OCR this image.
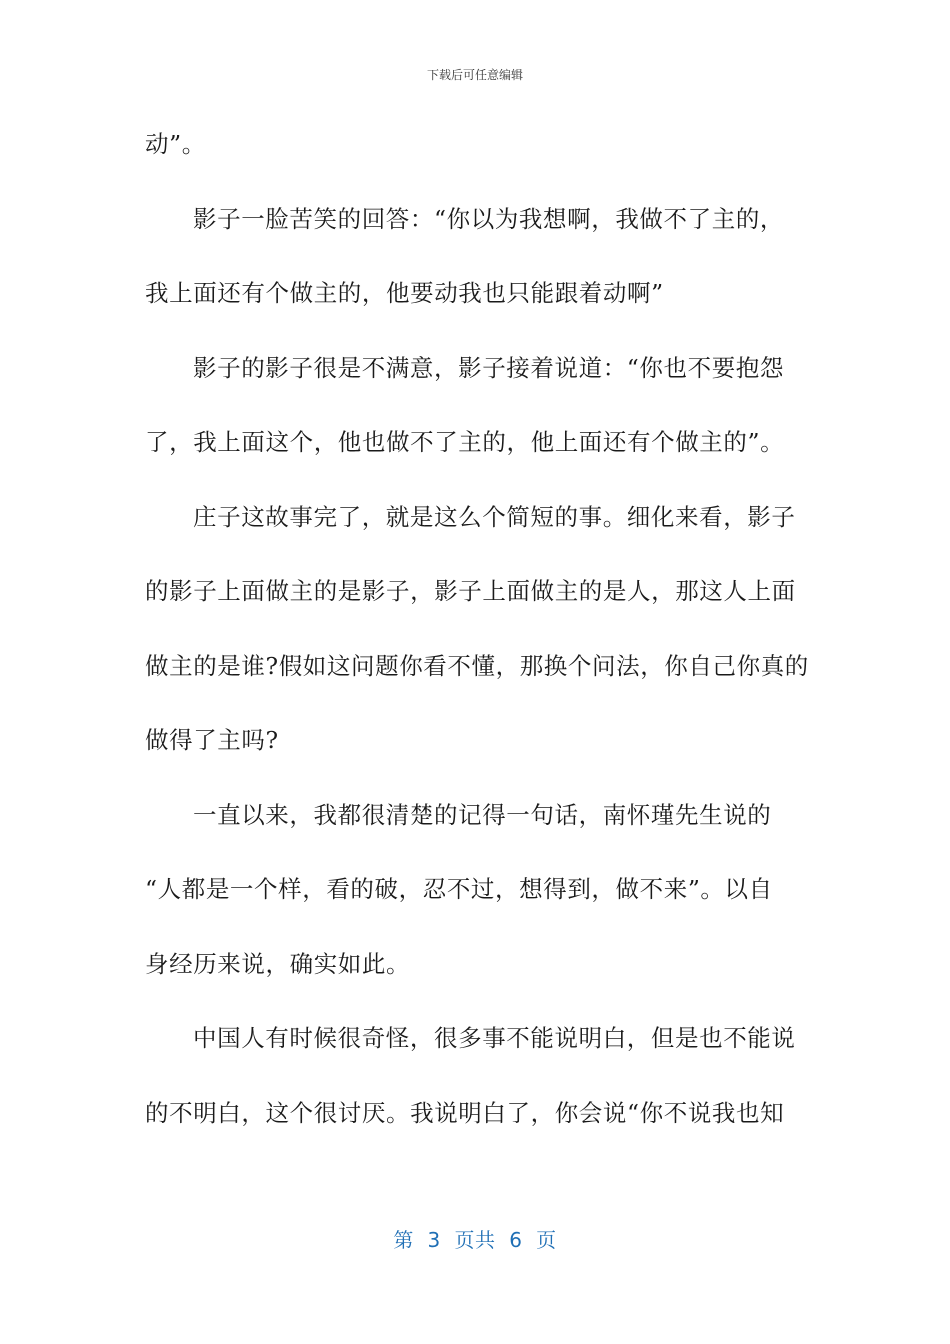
下载后可任意编辑
动”。
影子一脸苦笑的回答：“你以为我想啊，我做不了主的，
我上面还有个做主的，他要动我也只能跟着动啊”
影子的影子很是不满意，影子接着说道：“你也不要抱怨
了，我上面这个，他也做不了主的，他上面还有个做主的”。
庄子这故事完了，就是这么个简短的事。细化来看，影子
的影子上面做主的是影子，影子上面做主的是人，那这人上面
做主的是谁?假如这问题你看不懂，那换个问法，你自己你真的
做得了主吗?
一直以来，我都很清楚的记得一句话，南怀瑾先生说的
“人都是一个样，看的破，忍不过，想得到，做不来”。以自
身经历来说，确实如此。
中国人有时候很奇怪，很多事不能说明白，但是也不能说
的不明白，这个很讨厌。我说明白了，你会说“你不说我也知
第  3  页共  6  页
